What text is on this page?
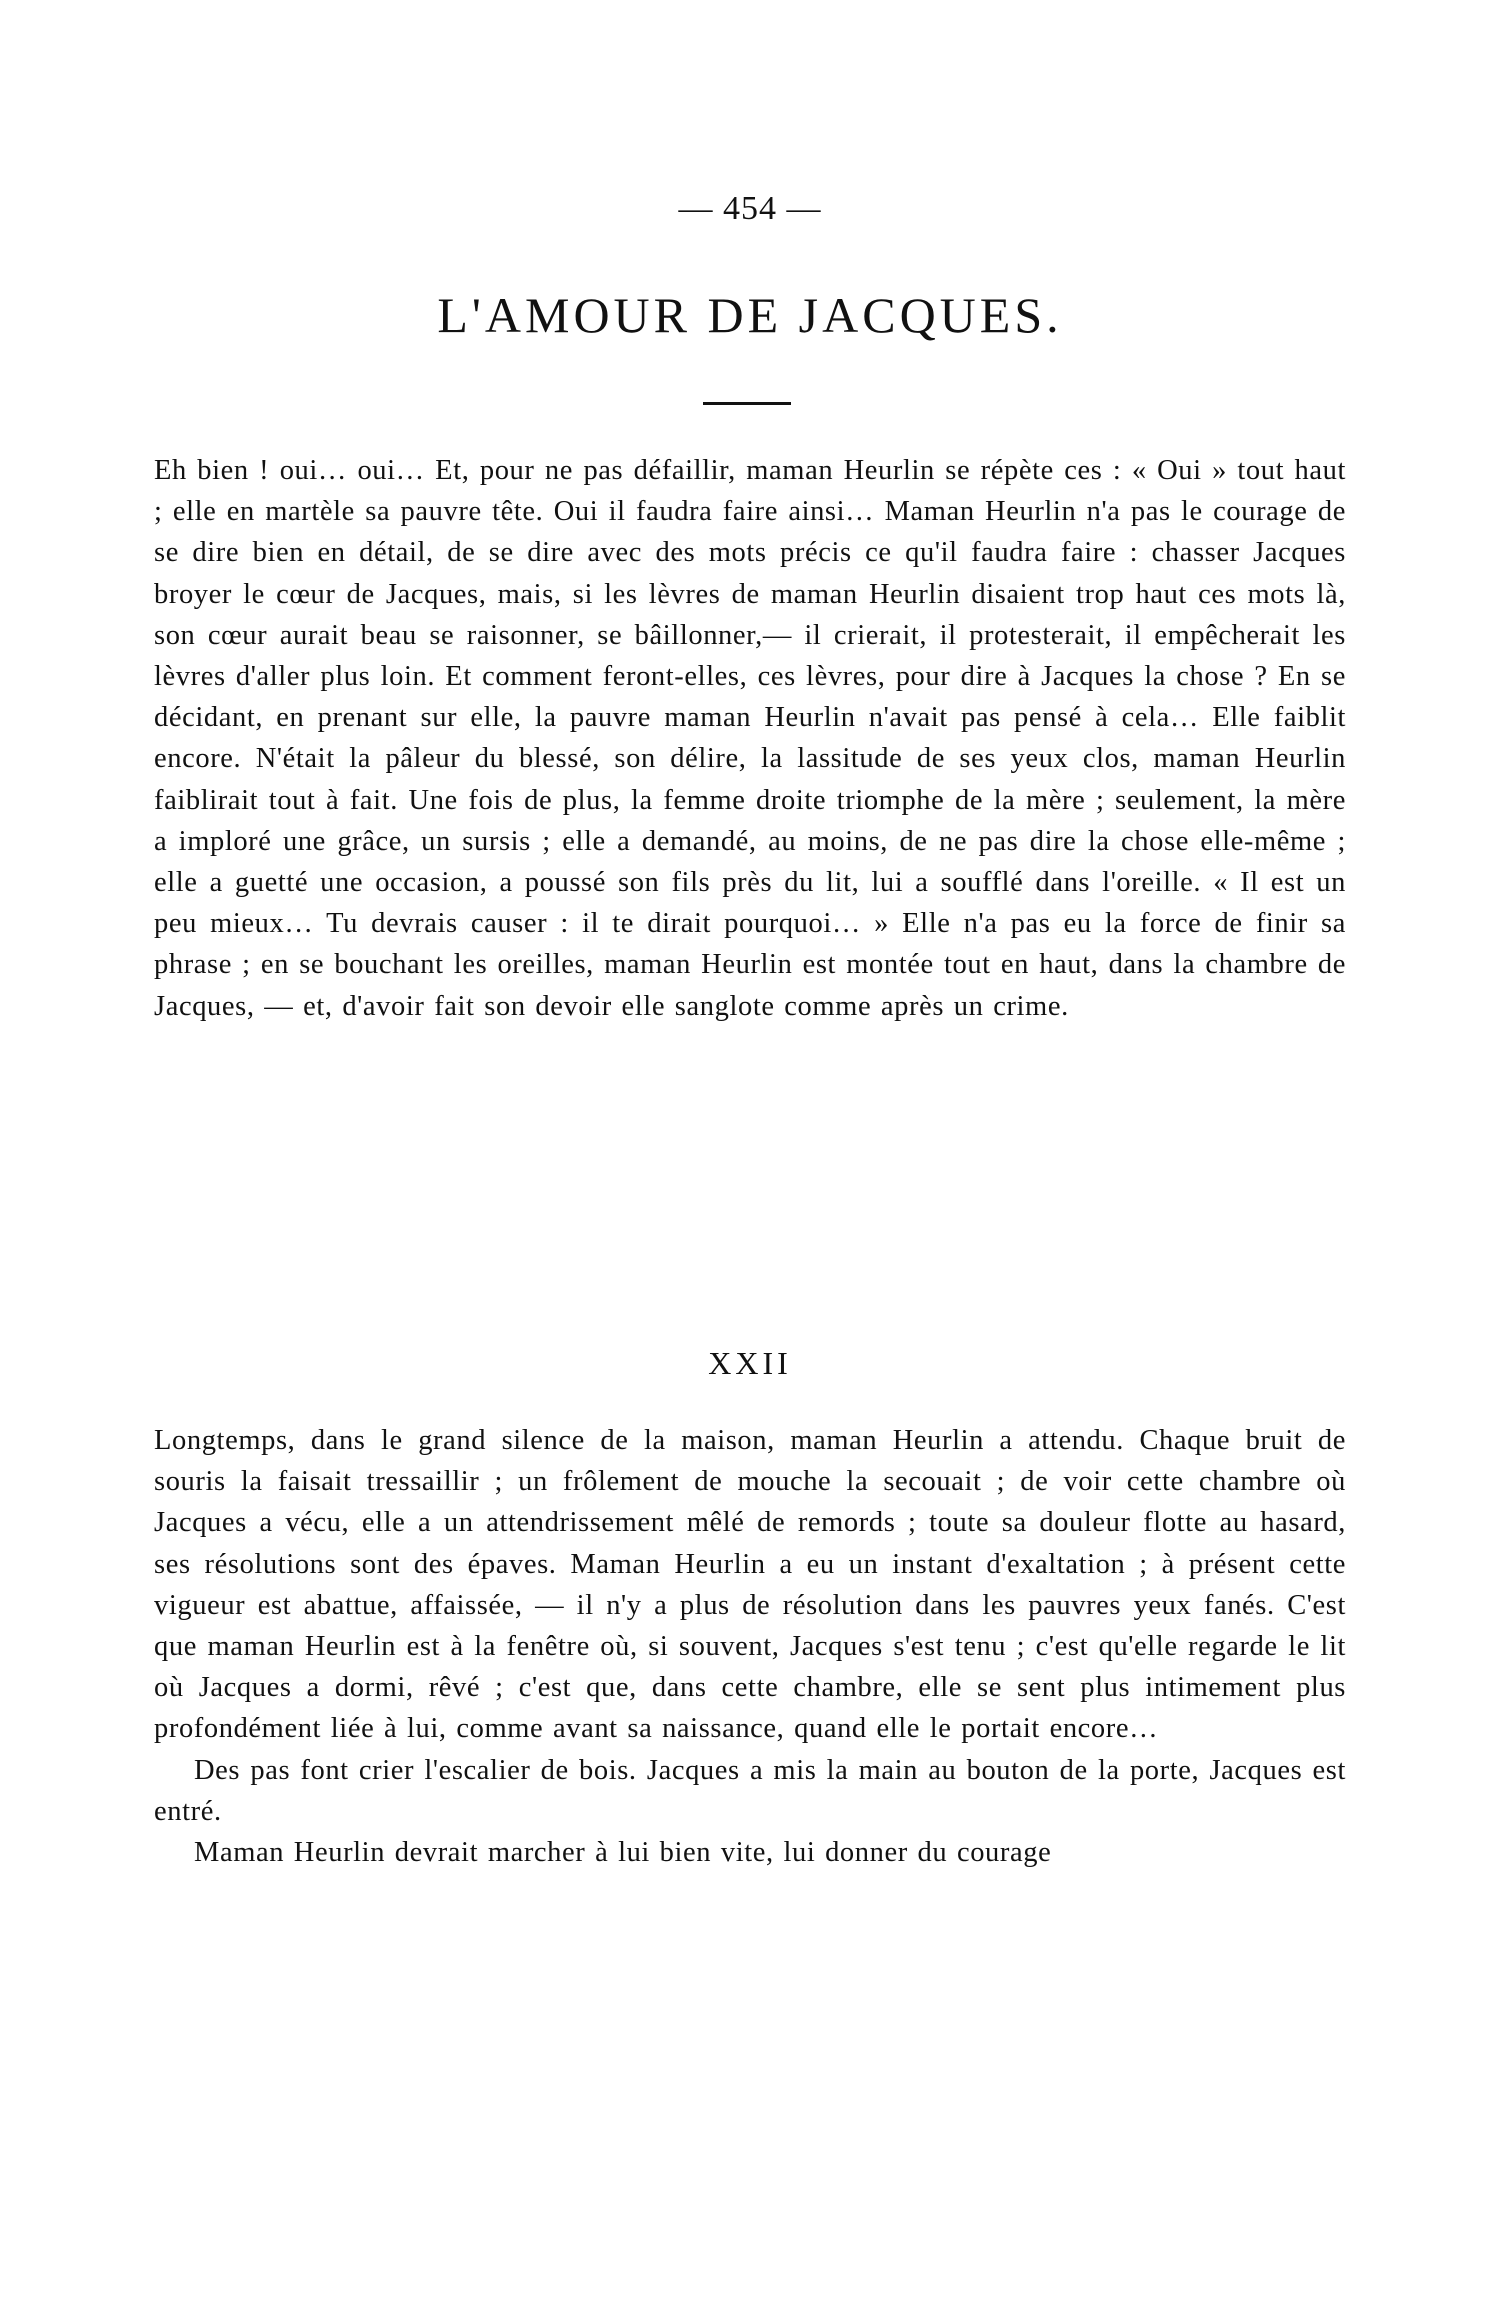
— 454 —
L'AMOUR DE JACQUES.

Eh bien ! oui… oui… Et, pour ne pas défaillir, maman Heurlin se répète ces : « Oui » tout haut ; elle en martèle sa pauvre tête. Oui il faudra faire ainsi… Maman Heurlin n'a pas le courage de se dire bien en détail, de se dire avec des mots précis ce qu'il faudra faire : chasser Jacques broyer le cœur de Jacques, mais, si les lèvres de maman Heurlin disaient trop haut ces mots là, son cœur aurait beau se raisonner, se bâillonner,— il crierait, il protesterait, il empêcherait les lèvres d'aller plus loin. Et comment feront-elles, ces lèvres, pour dire à Jacques la chose ? En se décidant, en prenant sur elle, la pauvre maman Heurlin n'avait pas pensé à cela… Elle faiblit encore. N'était la pâleur du blessé, son délire, la lassitude de ses yeux clos, maman Heurlin faiblirait tout à fait. Une fois de plus, la femme droite triomphe de la mère ; seulement, la mère a imploré une grâce, un sursis ; elle a demandé, au moins, de ne pas dire la chose elle-même ; elle a guetté une occasion, a poussé son fils près du lit, lui a soufflé dans l'oreille. « Il est un peu mieux… Tu devrais causer : il te dirait pourquoi… » Elle n'a pas eu la force de finir sa phrase ; en se bouchant les oreilles, maman Heurlin est montée tout en haut, dans la chambre de Jacques, — et, d'avoir fait son devoir elle sanglote comme après un crime.

XXII

Longtemps, dans le grand silence de la maison, maman Heurlin a attendu. Chaque bruit de souris la faisait tressaillir ; un frôlement de mouche la secouait ; de voir cette chambre où Jacques a vécu, elle a un attendrissement mêlé de remords ; toute sa douleur flotte au hasard, ses résolutions sont des épaves. Maman Heurlin a eu un instant d'exaltation ; à présent cette vigueur est abattue, affaissée, — il n'y a plus de résolution dans les pauvres yeux fanés. C'est que maman Heurlin est à la fenêtre où, si souvent, Jacques s'est tenu ; c'est qu'elle regarde le lit où Jacques a dormi, rêvé ; c'est que, dans cette chambre, elle se sent plus intimement plus profondément liée à lui, comme avant sa naissance, quand elle le portait encore…

Des pas font crier l'escalier de bois. Jacques a mis la main au bouton de la porte, Jacques est entré.

Maman Heurlin devrait marcher à lui bien vite, lui donner du courage
